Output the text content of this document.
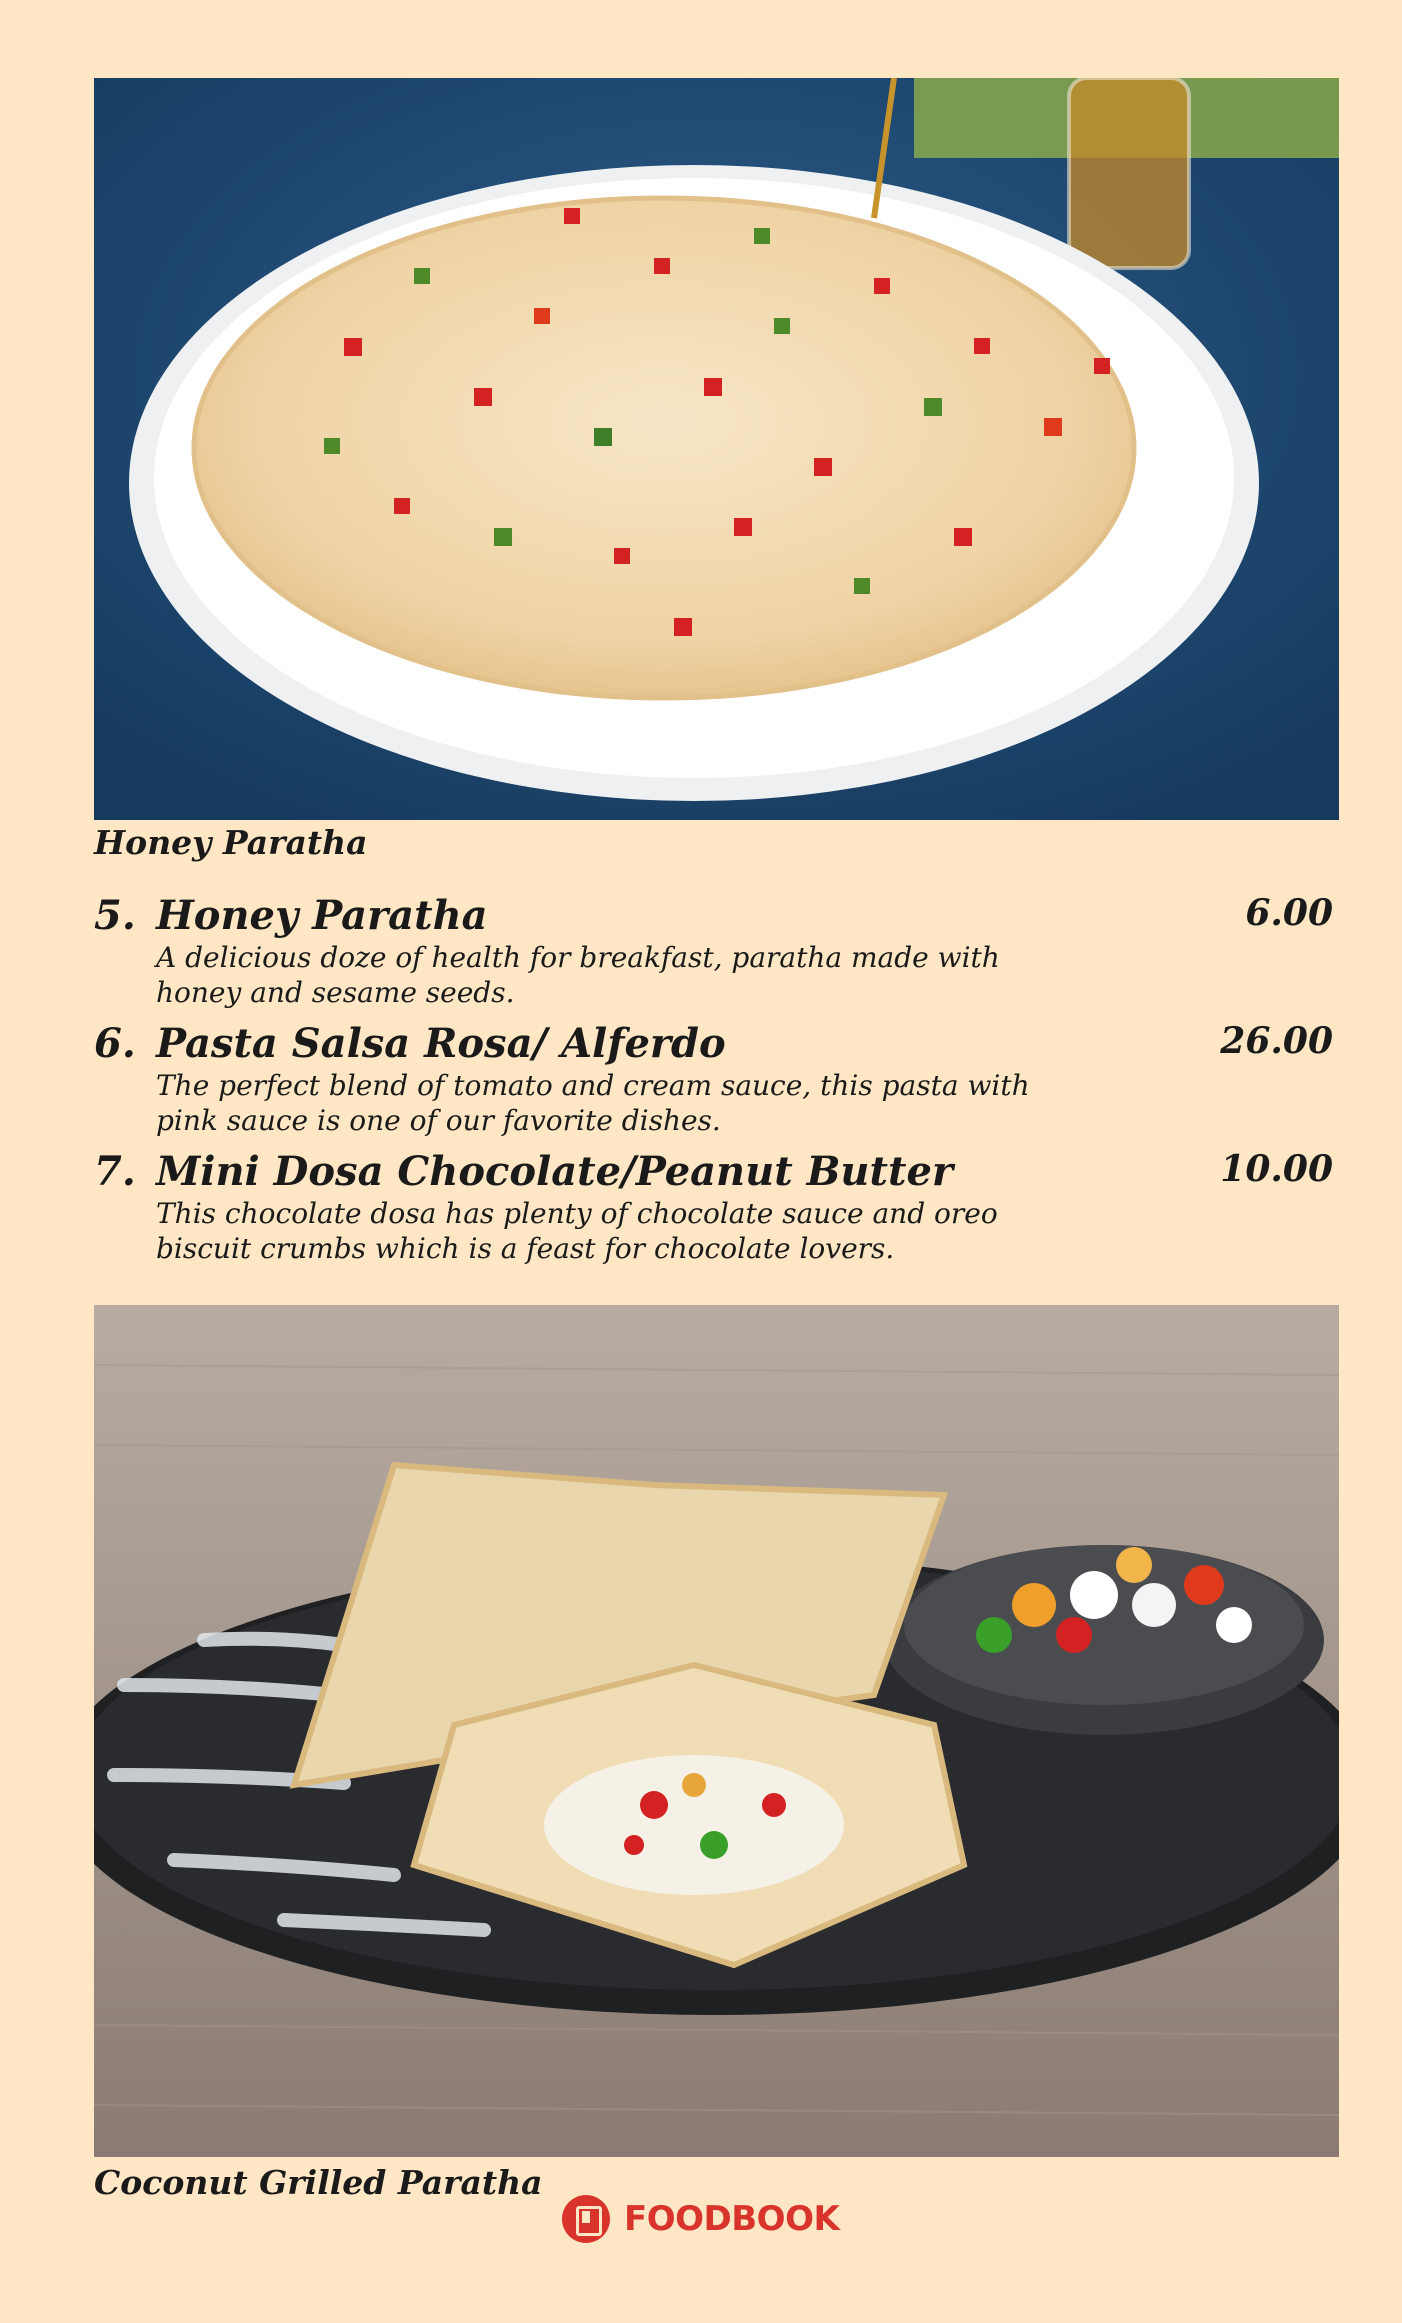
Honey Paratha
5. Honey Paratha	6.00
A delicious doze of health for breakfast, paratha made with honey and sesame seeds.
6. Pasta Salsa Rosa/ Alferdo	26.00
The perfect blend of tomato and cream sauce, this pasta with pink sauce is one of our favorite dishes.
7. Mini Dosa Chocolate/Peanut Butter	10.00
This chocolate dosa has plenty of chocolate sauce and oreo biscuit crumbs which is a feast for chocolate lovers.
Coconut Grilled Paratha
FOODBOOK
